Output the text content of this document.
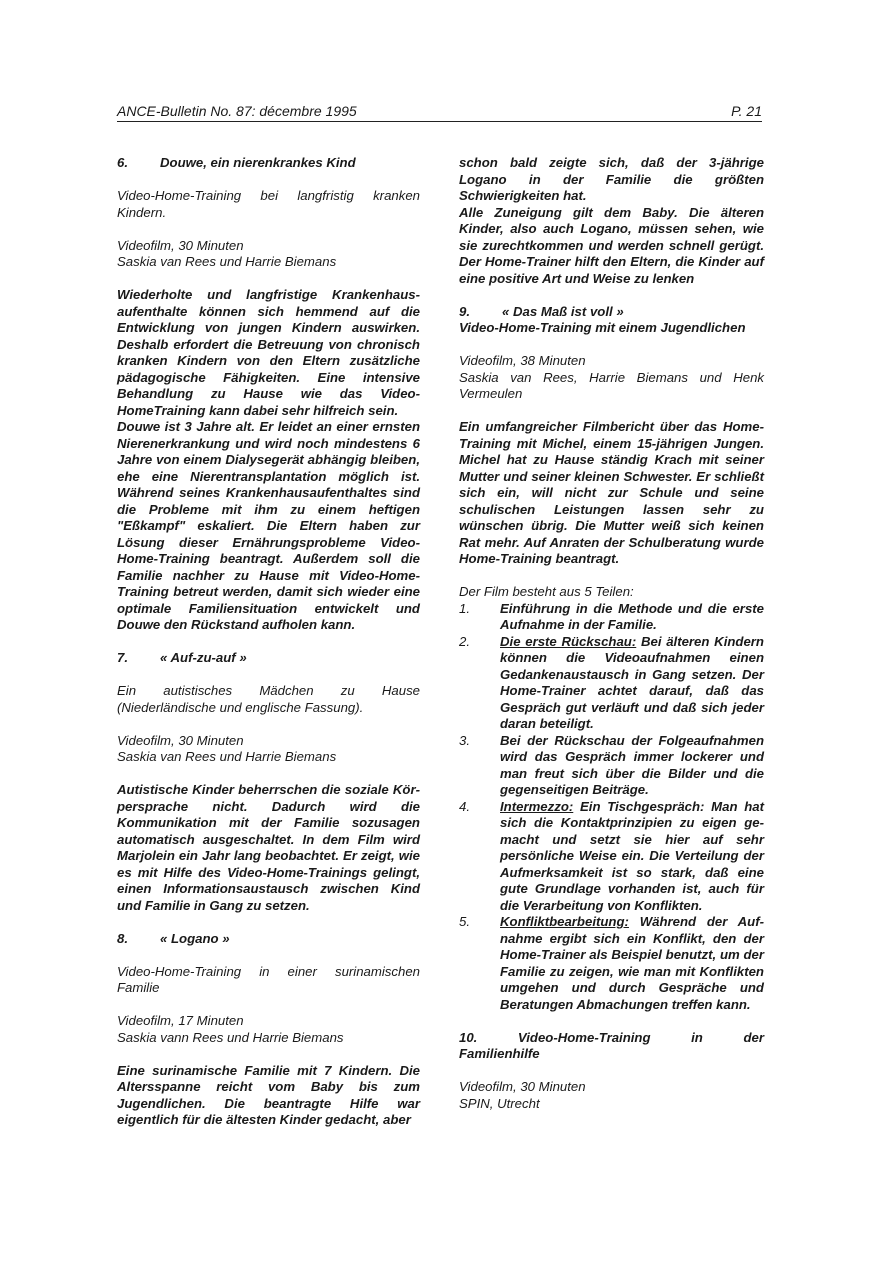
ANCE-Bulletin No. 87: décembre 1995	P. 21
6.	Douwe, ein nierenkrankes Kind

Video-Home-Training bei langfristig kranken Kindern.

Videofilm, 30 Minuten

Saskia van Rees und Harrie Biemans

Wiederholte und langfristige Krankenhaus-aufenthalte können sich hemmend auf die Entwicklung von jungen Kindern auswirken. Deshalb erfordert die Betreuung von chronisch kranken Kindern von den Eltern zusätzliche pädagogische Fähigkeiten. Eine intensive Behandlung zu Hause wie das Video-HomeTraining kann dabei sehr hilfreich sein.

Douwe ist 3 Jahre alt. Er leidet an einer ernsten Nierenerkrankung und wird noch mindestens 6 Jahre von einem Dialysegerät abhängig bleiben, ehe eine Nierentransplantation möglich ist. Während seines Krankenhausaufenthaltes sind die Probleme mit ihm zu einem heftigen "Eßkampf" eskaliert. Die Eltern haben zur Lösung dieser Ernährungsprobleme Video-Home-Training beantragt. Außerdem soll die Familie nachher zu Hause mit Video-Home-Training betreut werden, damit sich wieder eine optimale Familiensituation entwickelt und Douwe den Rückstand aufholen kann.

7.	« Auf-zu-auf »

Ein autistisches Mädchen zu Hause (Niederländische und englische Fassung).

Videofilm, 30 Minuten

Saskia van Rees und Harrie Biemans

Autistische Kinder beherrschen die soziale Kör-persprache nicht. Dadurch wird die Kommunikation mit der Familie sozusagen automatisch ausgeschaltet. In dem Film wird Marjolein ein Jahr lang beobachtet. Er zeigt, wie es mit Hilfe des Video-Home-Trainings gelingt, einen Informationsaustausch zwischen Kind und Familie in Gang zu setzen.

8.	« Logano »

Video-Home-Training in einer surinamischen Familie

Videofilm, 17 Minuten

Saskia vann Rees und Harrie Biemans

Eine surinamische Familie mit 7 Kindern. Die Altersspanne reicht vom Baby bis zum Jugendlichen. Die beantragte Hilfe war eigentlich für die ältesten Kinder gedacht, aber

schon bald zeigte sich, daß der 3-jährige Logano in der Familie die größten Schwierigkeiten hat.

Alle Zuneigung gilt dem Baby. Die älteren Kinder, also auch Logano, müssen sehen, wie sie zurechtkommen und werden schnell gerügt. Der Home-Trainer hilft den Eltern, die Kinder auf eine positive Art und Weise zu lenken

9.	« Das Maß ist voll »

Video-Home-Training mit einem Jugendlichen

Videofilm, 38 Minuten

Saskia van Rees, Harrie Biemans und Henk Vermeulen

Ein umfangreicher Filmbericht über das Home-Training mit Michel, einem 15-jährigen Jungen. Michel hat zu Hause ständig Krach mit seiner Mutter und seiner kleinen Schwester. Er schließt sich ein, will nicht zur Schule und seine schulischen Leistungen lassen sehr zu wünschen übrig. Die Mutter weiß sich keinen Rat mehr. Auf Anraten der Schulberatung wurde Home-Training beantragt.

Der Film besteht aus 5 Teilen:

1.	Einführung in die Methode und die erste Aufnahme in der Familie.
2.	Die erste Rückschau: Bei älteren Kindern können die Videoaufnahmen einen Gedankenaustausch in Gang setzen. Der Home-Trainer achtet darauf, daß das Gespräch gut verläuft und daß sich jeder daran beteiligt.
3.	Bei der Rückschau der Folgeaufnahmen wird das Gespräch immer lockerer und man freut sich über die Bilder und die gegenseitigen Beiträge.
4.	Intermezzo: Ein Tischgespräch: Man hat sich die Kontaktprinzipien zu eigen ge-macht und setzt sie hier auf sehr persönliche Weise ein. Die Verteilung der Aufmerksamkeit ist so stark, daß eine gute Grundlage vorhanden ist, auch für die Verarbeitung von Konflikten.
5.	Konfliktbearbeitung: Während der Auf-nahme ergibt sich ein Konflikt, den der Home-Trainer als Beispiel benutzt, um der Familie zu zeigen, wie man mit Konflikten umgehen und durch Gespräche und Beratungen Abmachungen treffen kann.
10.	Video-Home-Training	in	der

Familienhilfe

Videofilm, 30 Minuten

SPIN, Utrecht
